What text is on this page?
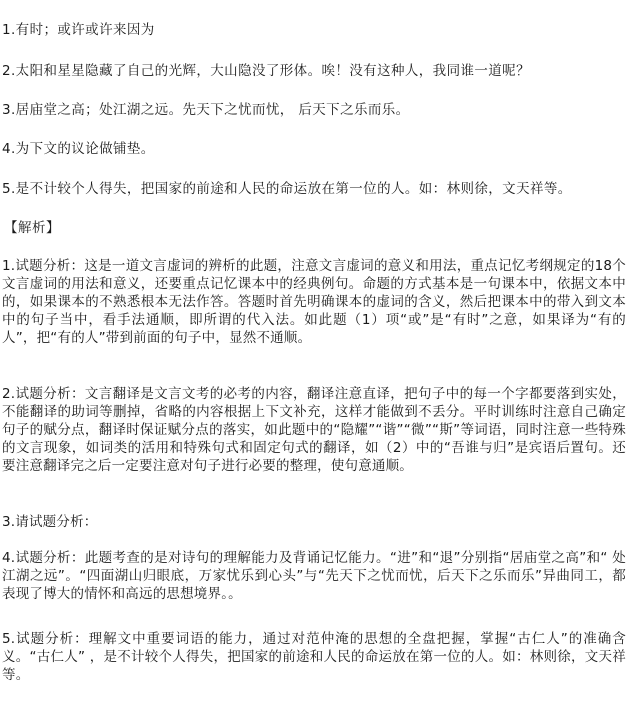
1.有时；或许或许来因为
2.太阳和星星隐藏了自己的光辉，大山隐没了形体。唉！没有这种人，我同谁一道呢？
3.居庙堂之高；处江湖之远。先天下之忧而忧， 后天下之乐而乐。
4.为下文的议论做铺垫。
5.是不计较个人得失，把国家的前途和人民的命运放在第一位的人。如：林则徐，文天祥等。
【解析】
1.试题分析：这是一道文言虚词的辨析的此题，注意文言虚词的意义和用法，重点记忆考纲规定的18个文言虚词的用法和意义，还要重点记忆课本中的经典例句。命题的方式基本是一句课本中，依据文本中的，如果课本的不熟悉根本无法作答。答题时首先明确课本的虚词的含义，然后把课本中的带入到文本中的句子当中，看手法通顺，即所谓的代入法。如此题（1）项“或”是“有时”之意，如果译为“有的人”，把“有的人”带到前面的句子中，显然不通顺。
2.试题分析：文言翻译是文言文考的必考的内容，翻译注意直译，把句子中的每一个字都要落到实处，不能翻译的助词等删掉，省略的内容根据上下文补充，这样才能做到不丢分。平时训练时注意自己确定句子的赋分点，翻译时保证赋分点的落实，如此题中的“隐耀”“谐”“微”“斯”等词语，同时注意一些特殊的文言现象，如词类的活用和特殊句式和固定句式的翻译，如（2）中的“吾谁与归”是宾语后置句。还要注意翻译完之后一定要注意对句子进行必要的整理，使句意通顺。
3.请试题分析：
4.试题分析：此题考查的是对诗句的理解能力及背诵记忆能力。“进”和“退”分别指“居庙堂之高”和“ 处江湖之远”。“四面湖山归眼底，万家忧乐到心头”与“先天下之忧而忧，后天下之乐而乐”异曲同工，都表现了博大的情怀和高远的思想境界。。
5.试题分析：理解文中重要词语的能力，通过对范仲淹的思想的全盘把握，掌握“古仁人”的准确含义。“古仁人” ，是不计较个人得失，把国家的前途和人民的命运放在第一位的人。如：林则徐，文天祥等。
